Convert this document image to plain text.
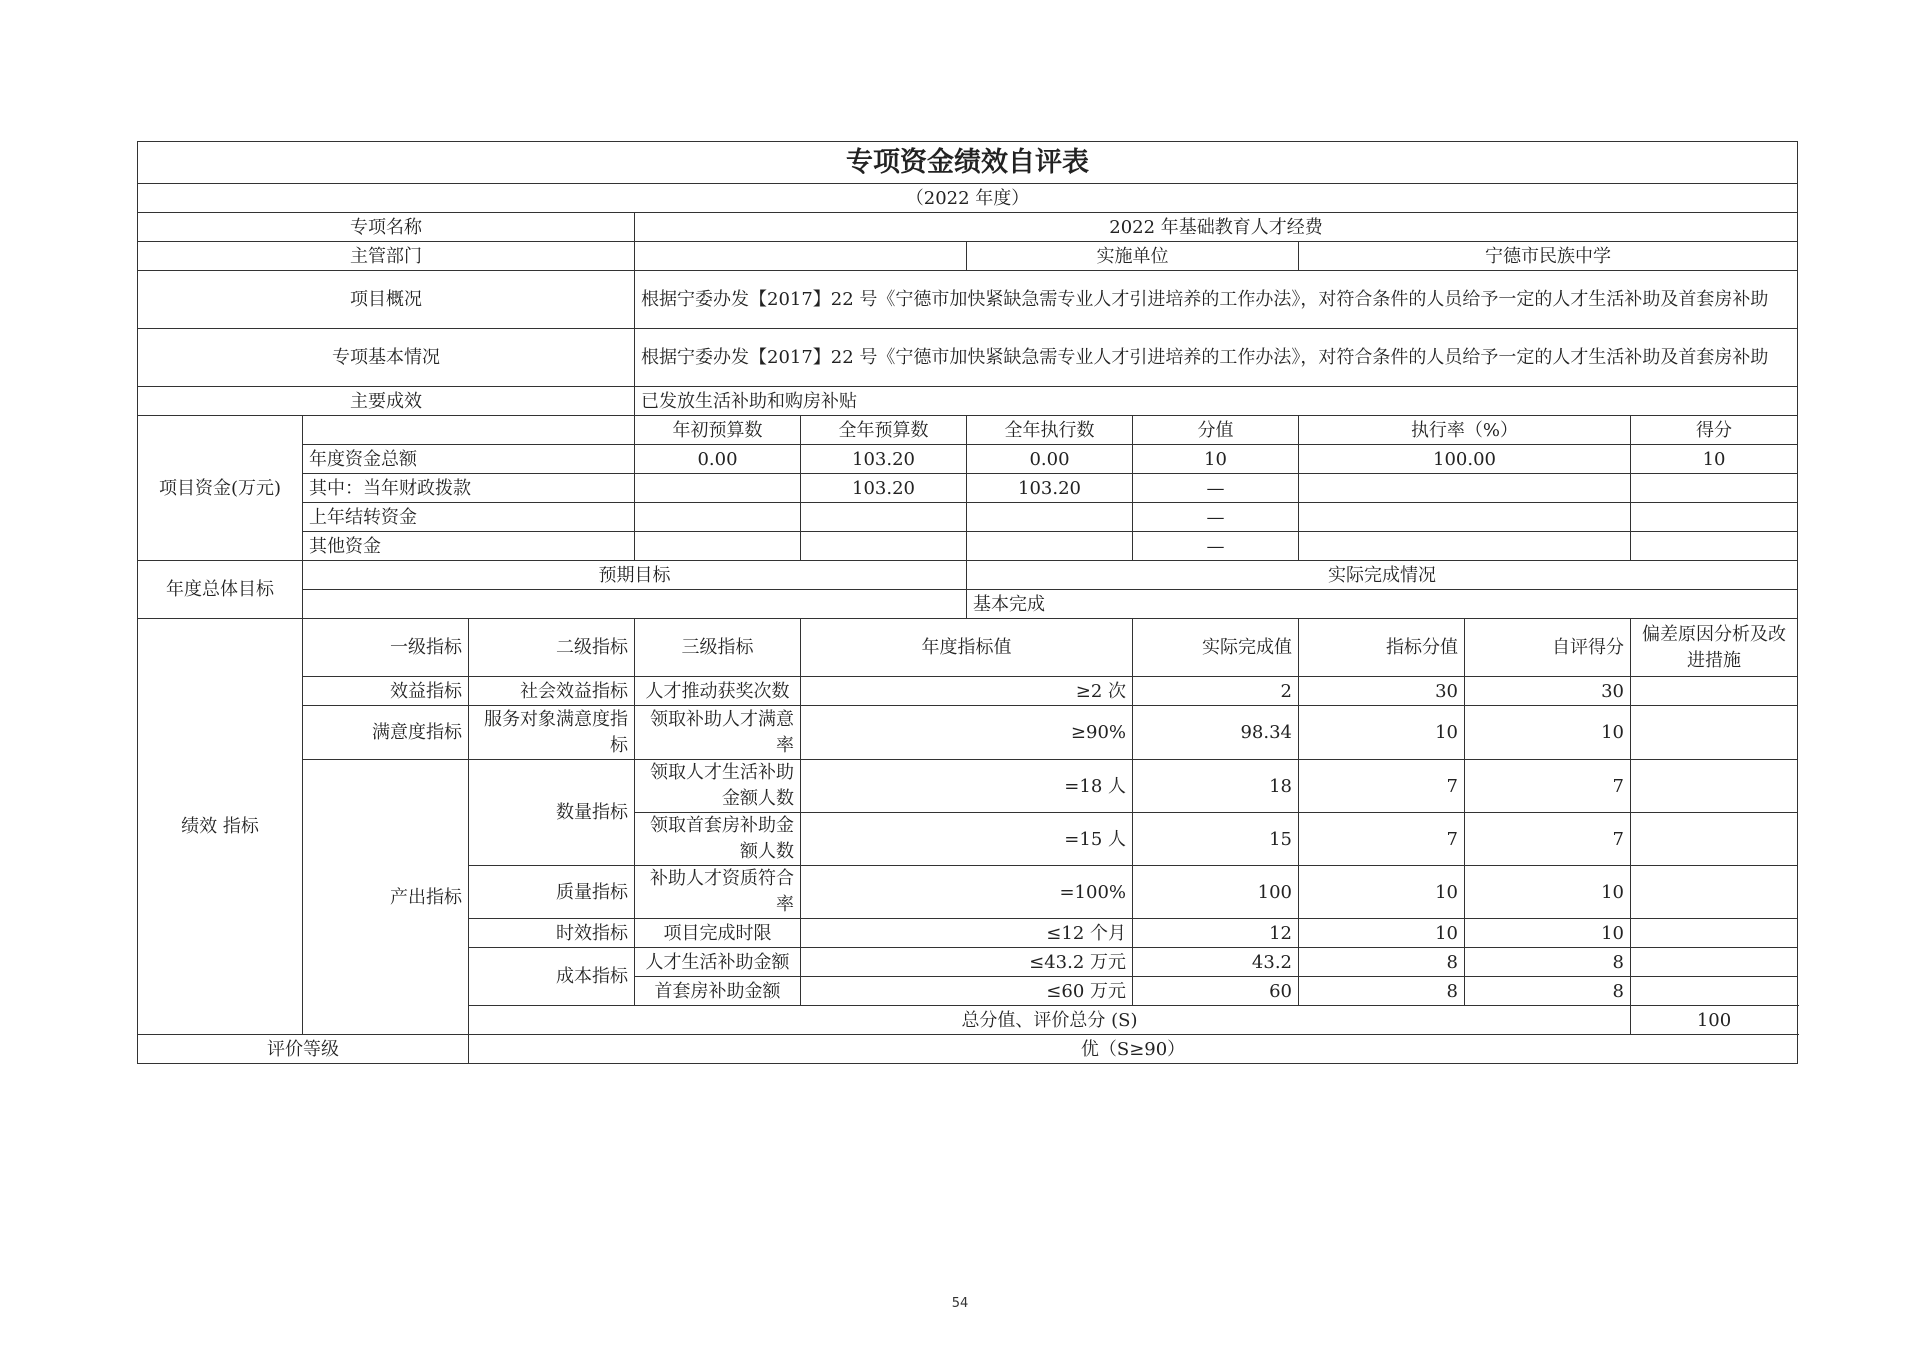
专项资金绩效自评表										
（2022 年度）										
专项名称			2022 年基础教育人才经费							
主管部门					实施单位		宁德市民族中学			
项目概况			根据宁委办发【2017】22 号《宁德市加快紧缺急需专业人才引进培养的工作办法》，对符合条件的人员给予一定的人才生活补助及首套房补助							
专项基本情况			根据宁委办发【2017】22 号《宁德市加快紧缺急需专业人才引进培养的工作办法》，对符合条件的人员给予一定的人才生活补助及首套房补助							
主要成效			已发放生活补助和购房补贴							
项目资金(万元)			年初预算数	全年预算数	全年执行数	分值	执行率（%）		得分	
	年度资金总额		0.00	103.20	0.00	10	100.00		10	
	其中：当年财政拨款			103.20	103.20	—				
	上年结转资金					—				
	其他资金					—				
年度总体目标	预期目标				实际完成情况					
					基本完成					
绩效 指标	一级指标	二级指标	三级指标	年度指标值		实际完成值	指标分值	自评得分	偏差原因分析及改进措施	
	效益指标	社会效益指标	人才推动获奖次数	≥2 次		2	30	30		
	满意度指标	服务对象满意度指标	领取补助人才满意率	≥90%		98.34	10	10		
	产出指标	数量指标	领取人才生活补助金额人数	=18 人		18	7	7		
			领取首套房补助金额人数	=15 人		15	7	7		
		质量指标	补助人才资质符合率	=100%		100	10	10		
		时效指标	项目完成时限	≤12 个月		12	10	10		
		成本指标	人才生活补助金额	≤43.2 万元		43.2	8	8		
			首套房补助金额	≤60 万元		60	8	8		
		总分值、评价总分 (S)							100	
评价等级		优（S≥90）								
54
